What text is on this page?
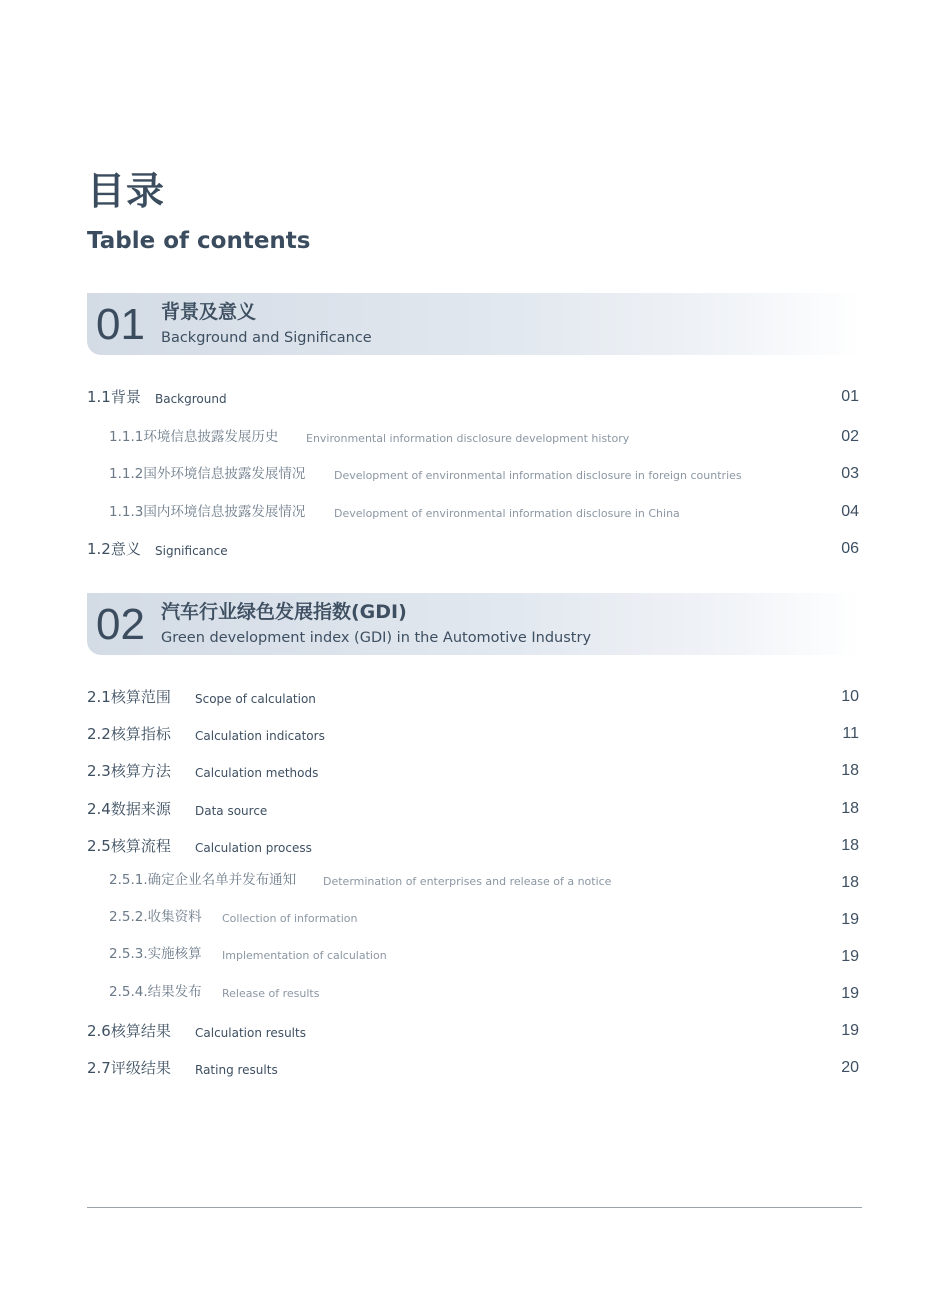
目录
Table of contents
01 背景及意义
Background and Significance
1.1背景 Background	01
1.1.1环境信息披露发展历史	Environmental information disclosure development history	02
1.1.2国外环境信息披露发展情况	Development of environmental information disclosure in foreign countries	03
1.1.3国内环境信息披露发展情况	Development of environmental information disclosure in China	04
1.2意义 Significance	06
02 汽车行业绿色发展指数(GDI)
Green development index (GDI) in the Automotive Industry
2.1核算范围 Scope of calculation	10
2.2核算指标 Calculation indicators	11
2.3核算方法 Calculation methods	18
2.4数据来源 Data source	18
2.5核算流程 Calculation process	18
2.5.1.确定企业名单并发布通知 Determination of enterprises and release of a notice	18
2.5.2.收集资料 Collection of information	19
2.5.3.实施核算 Implementation of calculation	19
2.5.4.结果发布 Release of results	19
2.6核算结果 Calculation results	19
2.7评级结果 Rating results	20
